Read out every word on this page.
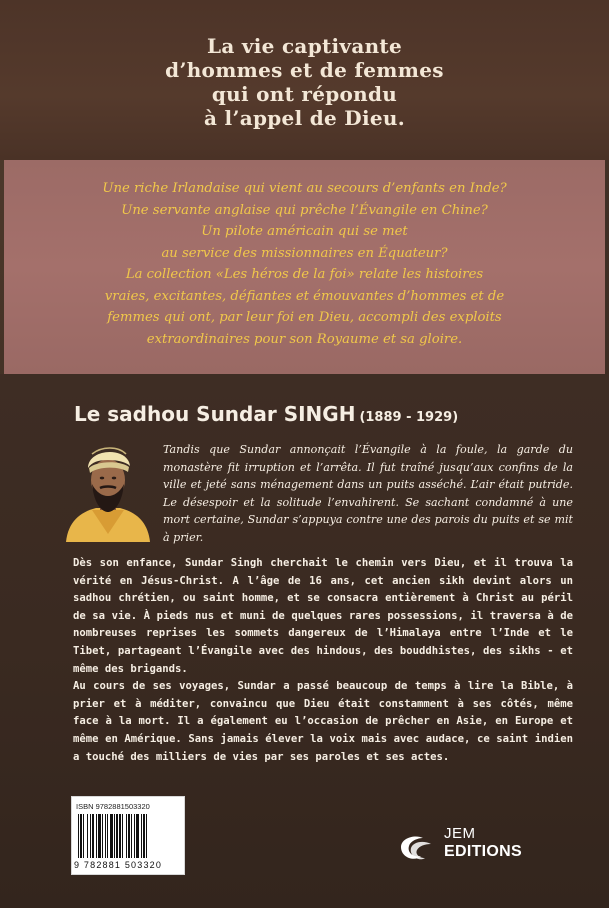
La vie captivante
d’hommes et de femmes
qui ont répondu
à l’appel de Dieu.
Une riche Irlandaise qui vient au secours d’enfants en Inde?
Une servante anglaise qui prêche l’Évangile en Chine?
Un pilote américain qui se met
au service des missionnaires en Équateur?
La collection «Les héros de la foi» relate les histoires
vraies, excitantes, défiantes et émouvantes d’hommes et de
femmes qui ont, par leur foi en Dieu, accompli des exploits
extraordinaires pour son Royaume et sa gloire.
Le sadhou Sundar SINGH (1889 - 1929)
Tandis que Sundar annonçait l’Évangile à la foule, la garde du monastère fit irruption et l’arrêta. Il fut traîné jusqu’aux confins de la ville et jeté sans ménagement dans un puits asséché. L’air était putride. Le désespoir et la solitude l’envahirent. Se sachant condamné à une mort certaine, Sundar s’appuya contre une des parois du puits et se mit à prier.

Dès son enfance, Sundar Singh cherchait le chemin vers Dieu, et il trouva la vérité en Jésus-Christ. A l’âge de 16 ans, cet ancien sikh devint alors un sadhou chrétien, ou saint homme, et se consacra entièrement à Christ au péril de sa vie. À pieds nus et muni de quelques rares possessions, il traversa à de nombreuses reprises les sommets dangereux de l’Himalaya entre l’Inde et le Tibet, partageant l’Évangile avec des hindous, des bouddhistes, des sikhs - et même des brigands.

Au cours de ses voyages, Sundar a passé beaucoup de temps à lire la Bible, à prier et à méditer, convaincu que Dieu était constamment à ses côtés, même face à la mort. Il a également eu l’occasion de prêcher en Asie, en Europe et même en Amérique. Sans jamais élever la voix mais avec audace, ce saint indien a touché des milliers de vies par ses paroles et ses actes.

ISBN 9782881503320
9 782881 503320
JEM
EDITIONS
